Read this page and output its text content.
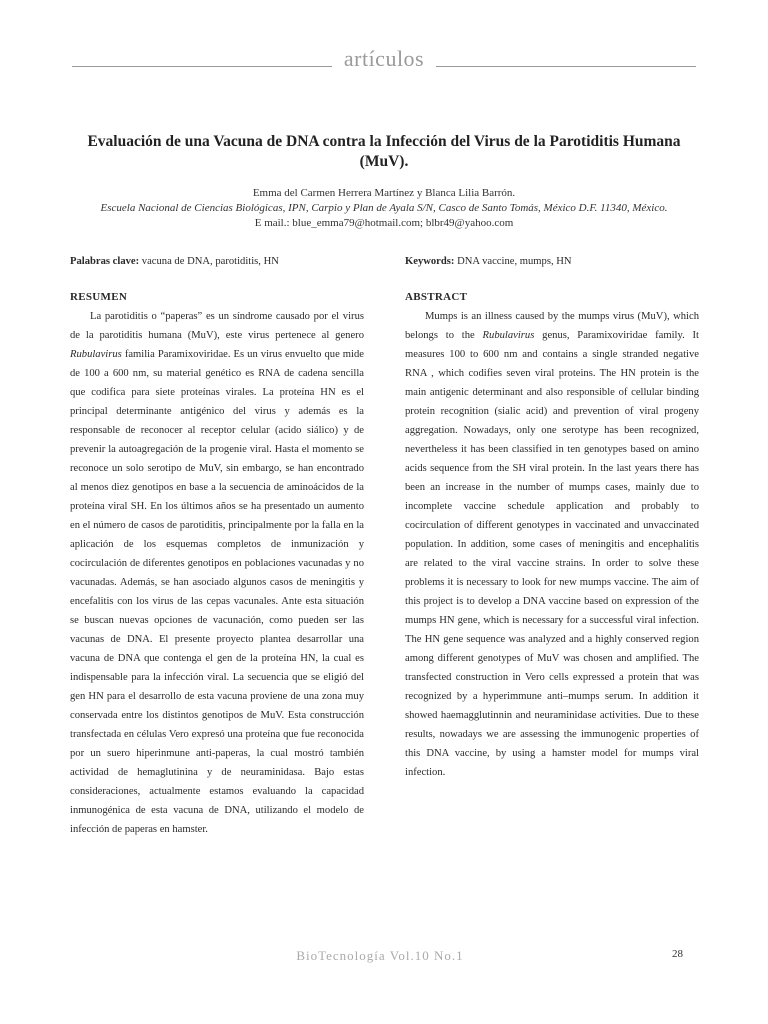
artículos
Evaluación de una Vacuna de DNA contra la Infección del Virus de la Parotiditis Humana (MuV).
Emma del Carmen Herrera Martínez y Blanca Lilia Barrón.
Escuela Nacional de Ciencias Biológicas, IPN, Carpio y Plan de Ayala S/N, Casco de Santo Tomás, México D.F. 11340, México.
E mail.: blue_emma79@hotmail.com; blbr49@yahoo.com

Palabras clave: vacuna de DNA, parotiditis, HN

RESUMEN

La parotiditis o “paperas” es un síndrome causado por el virus de la parotiditis humana (MuV), este virus pertenece al genero Rubulavirus familia Paramixoviridae. Es un virus envuelto que mide de 100 a 600 nm, su material genético es RNA de cadena sencilla que codifica para siete proteínas virales. La proteína HN es el principal determinante antigénico del virus y además es la responsable de reconocer al receptor celular (acido siálico) y de prevenir la autoagregación de la progenie viral. Hasta el momento se reconoce un solo serotipo de MuV, sin embargo, se han encontrado al menos diez genotipos en base a la secuencia de aminoácidos de la proteína viral SH. En los últimos años se ha presentado un aumento en el número de casos de parotiditis, principalmente por la falla en la aplicación de los esquemas completos de inmunización y cocirculación de diferentes genotipos en poblaciones vacunadas y no vacunadas. Además, se han asociado algunos casos de meningitis y encefalitis con los virus de las cepas vacunales. Ante esta situación se buscan nuevas opciones de vacunación, como pueden ser las vacunas de DNA. El presente proyecto plantea desarrollar una vacuna de DNA que contenga el gen de la proteína HN, la cual es indispensable para la infección viral. La secuencia que se eligió del gen HN para el desarrollo de esta vacuna proviene de una zona muy conservada entre los distintos genotipos de MuV. Esta construcción transfectada en células Vero expresó una proteína que fue reconocida por un suero hiperinmune anti-paperas, la cual mostró también actividad de hemaglutinina y de neuraminidasa. Bajo estas consideraciones, actualmente estamos evaluando la capacidad inmunogénica de esta vacuna de DNA, utilizando el modelo de infección de paperas en hamster.

Keywords: DNA vaccine, mumps, HN

ABSTRACT

Mumps is an illness caused by the mumps virus (MuV), which belongs to the Rubulavirus genus, Paramixoviridae family. It measures 100 to 600 nm and contains a single stranded negative RNA , which codifies seven viral proteins. The HN protein is the main antigenic determinant and also responsible of cellular binding protein recognition (sialic acid) and prevention of viral progeny aggregation. Nowadays, only one serotype has been recognized, nevertheless it has been classified in ten genotypes based on amino acids sequence from the SH viral protein. In the last years there has been an increase in the number of mumps cases, mainly due to incomplete vaccine schedule application and probably to cocirculation of different genotypes in vaccinated and unvaccinated population. In addition, some cases of meningitis and encephalitis are related to the viral vaccine strains. In order to solve these problems it is necessary to look for new mumps vaccine. The aim of this project is to develop a DNA vaccine based on expression of the mumps HN gene, which is necessary for a successful viral infection. The HN gene sequence was analyzed and a highly conserved region among different genotypes of MuV was chosen and amplified. The transfected construction in Vero cells expressed a protein that was recognized by a hyperimmune anti–mumps serum. In addition it showed haemagglutinnin and neuraminidase activities. Due to these results, nowadays we are assessing the immunogenic properties of this DNA vaccine, by using a hamster model for mumps viral infection.

BioTecnología Vol.10 No.1	28
